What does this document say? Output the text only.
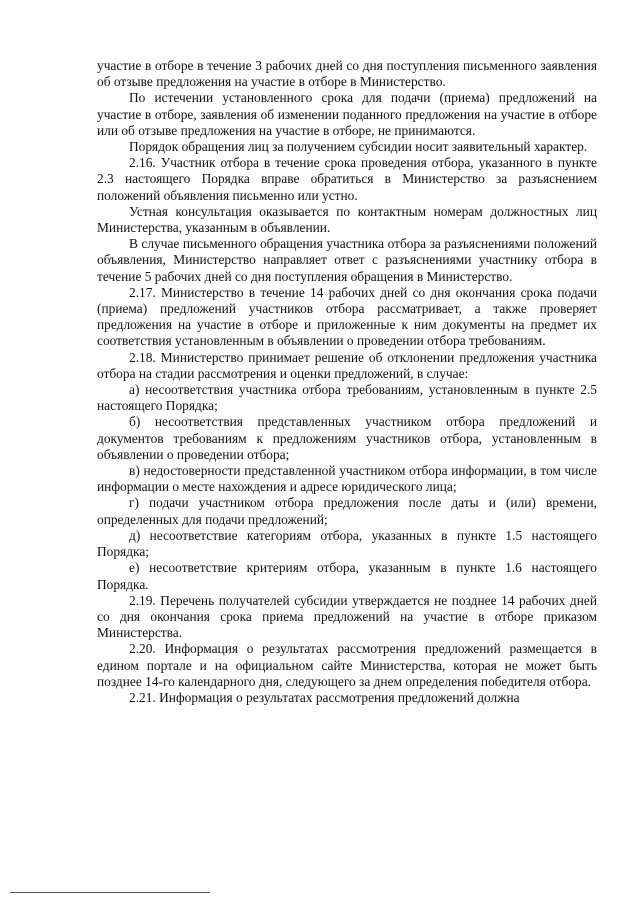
участие в отборе в течение 3 рабочих дней со дня поступления письменного заявления об отзыве предложения на участие в отборе в Министерство.

По истечении установленного срока для подачи (приема) предложений на участие в отборе, заявления об изменении поданного предложения на участие в отборе или об отзыве предложения на участие в отборе, не принимаются.

Порядок обращения лиц за получением субсидии носит заявительный характер.

2.16. Участник отбора в течение срока проведения отбора, указанного в пункте 2.3 настоящего Порядка вправе обратиться в Министерство за разъяснением положений объявления письменно или устно.

Устная консультация оказывается по контактным номерам должностных лиц Министерства, указанным в объявлении.

В случае письменного обращения участника отбора за разъяснениями положений объявления, Министерство направляет ответ с разъяснениями участнику отбора в течение 5 рабочих дней со дня поступления обращения в Министерство.

2.17. Министерство в течение 14 рабочих дней со дня окончания срока подачи (приема) предложений участников отбора рассматривает, а также проверяет предложения на участие в отборе и приложенные к ним документы на предмет их соответствия установленным в объявлении о проведении отбора требованиям.

2.18. Министерство принимает решение об отклонении предложения участника отбора на стадии рассмотрения и оценки предложений, в случае:

а) несоответствия участника отбора требованиям, установленным в пункте 2.5 настоящего Порядка;

б) несоответствия представленных участником отбора предложений и документов требованиям к предложениям участников отбора, установленным в объявлении о проведении отбора;

в) недостоверности представленной участником отбора информации, в том числе информации о месте нахождения и адресе юридического лица;

г) подачи участником отбора предложения после даты и (или) времени, определенных для подачи предложений;

д) несоответствие категориям отбора, указанных в пункте 1.5 настоящего Порядка;

е) несоответствие критериям отбора, указанным в пункте 1.6 настоящего Порядка.

2.19. Перечень получателей субсидии утверждается не позднее 14 рабочих дней со дня окончания срока приема предложений на участие в отборе приказом Министерства.

2.20. Информация о результатах рассмотрения предложений размещается в едином портале и на официальном сайте Министерства, которая не может быть позднее 14-го календарного дня, следующего за днем определения победителя отбора.

2.21. Информация о результатах рассмотрения предложений должна
